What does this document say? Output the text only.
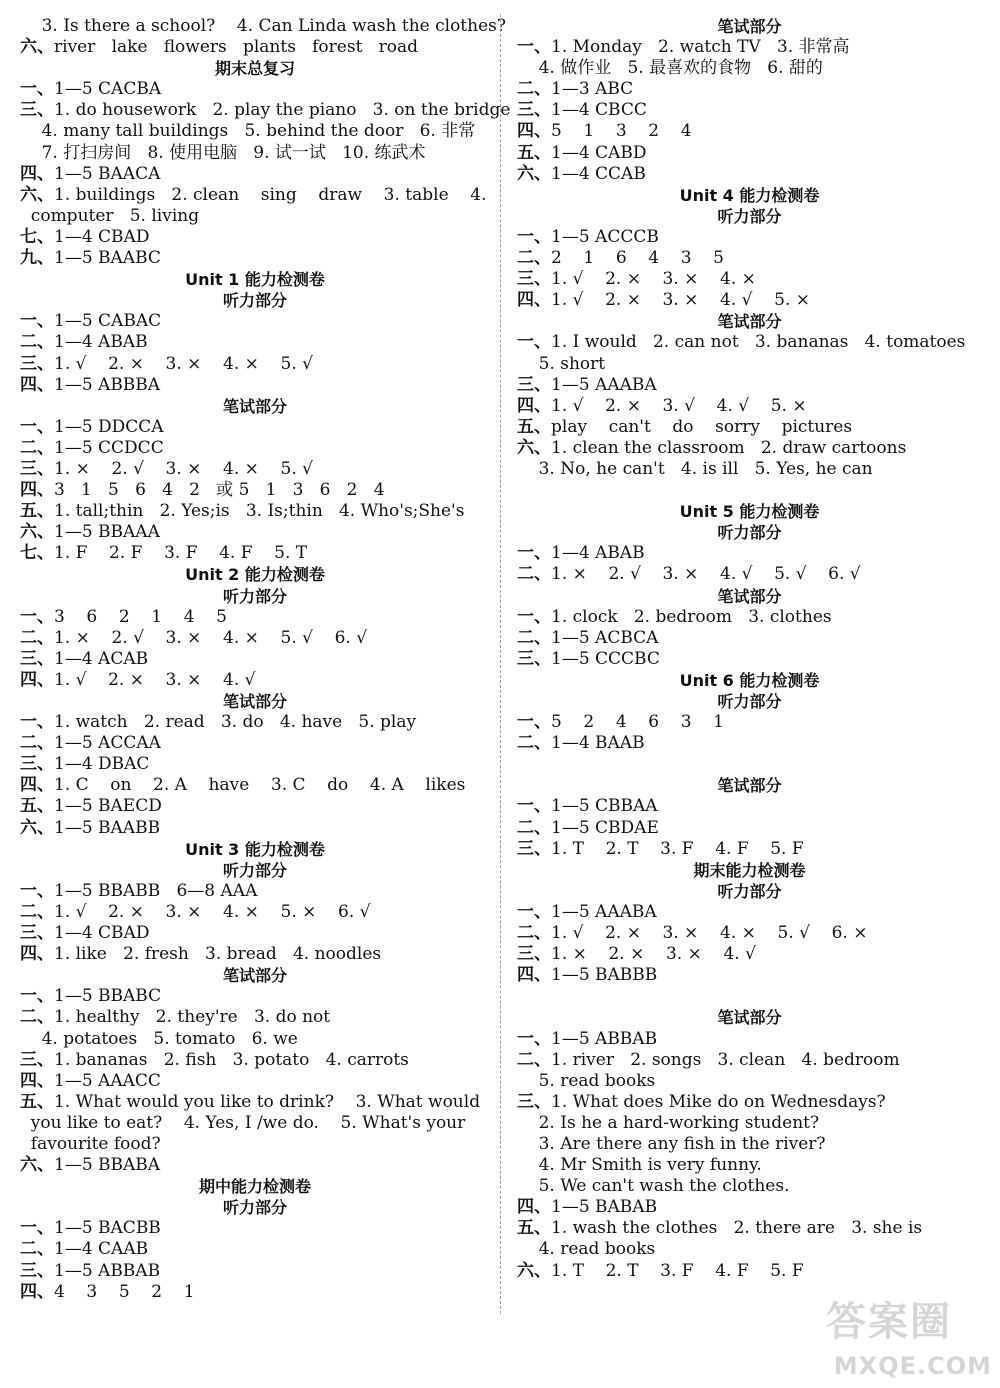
3. Is there a school?    4. Can Linda wash the clothes?
六、river   lake   flowers   plants   forest   road
期末总复习
一、1—5 CACBA
三、1. do housework   2. play the piano   3. on the bridge
4. many tall buildings   5. behind the door   6. 非常
7. 打扫房间   8. 使用电脑   9. 试一试   10. 练武术
四、1—5 BAACA
六、1. buildings   2. clean    sing    draw    3. table    4.
computer   5. living
七、1—4 CBAD
九、1—5 BAABC
Unit 1 能力检测卷
听力部分
一、1—5 CABAC
二、1—4 ABAB
三、1. √    2. ×    3. ×    4. ×    5. √
四、1—5 ABBBA
笔试部分
一、1—5 DDCCA
二、1—5 CCDCC
三、1. ×    2. √    3. ×    4. ×    5. √
四、3   1   5   6   4   2   或 5   1   3   6   2   4
五、1. tall;thin   2. Yes;is   3. Is;thin   4. Who's;She's
六、1—5 BBAAA
七、1. F    2. F    3. F    4. F    5. T
Unit 2 能力检测卷
听力部分
一、3    6    2    1    4    5
二、1. ×    2. √    3. ×    4. ×    5. √    6. √
三、1—4 ACAB
四、1. √    2. ×    3. ×    4. √
笔试部分
一、1. watch   2. read   3. do   4. have   5. play
二、1—5 ACCAA
三、1—4 DBAC
四、1. C    on    2. A    have    3. C    do    4. A    likes
五、1—5 BAECD
六、1—5 BAABB
Unit 3 能力检测卷
听力部分
一、1—5 BBABB   6—8 AAA
二、1. √    2. ×    3. ×    4. ×    5. ×    6. √
三、1—4 CBAD
四、1. like   2. fresh   3. bread   4. noodles
笔试部分
一、1—5 BBABC
二、1. healthy   2. they're   3. do not
4. potatoes   5. tomato   6. we
三、1. bananas   2. fish   3. potato   4. carrots
四、1—5 AAACC
五、1. What would you like to drink?    3. What would
you like to eat?    4. Yes, I /we do.    5. What's your
favourite food?
六、1—5 BBABA
期中能力检测卷
听力部分
一、1—5 BACBB
二、1—4 CAAB
三、1—5 ABBAB
四、4    3    5    2    1
笔试部分
一、1. Monday   2. watch TV   3. 非常高
4. 做作业   5. 最喜欢的食物   6. 甜的
二、1—3 ABC
三、1—4 CBCC
四、5    1    3    2    4
五、1—4 CABD
六、1—4 CCAB
Unit 4 能力检测卷
听力部分
一、1—5 ACCCB
二、2    1    6    4    3    5
三、1. √    2. ×    3. ×    4. ×
四、1. √    2. ×    3. ×    4. √    5. ×
笔试部分
一、1. I would   2. can not   3. bananas   4. tomatoes
5. short
三、1—5 AAABA
四、1. √    2. ×    3. √    4. √    5. ×
五、play    can't    do    sorry    pictures
六、1. clean the classroom   2. draw cartoons
3. No, he can't   4. is ill   5. Yes, he can
Unit 5 能力检测卷
听力部分
一、1—4 ABAB
二、1. ×    2. √    3. ×    4. √    5. √    6. √
笔试部分
一、1. clock   2. bedroom   3. clothes
二、1—5 ACBCA
三、1—5 CCCBC
Unit 6 能力检测卷
听力部分
一、5    2    4    6    3    1
二、1—4 BAAB
笔试部分
一、1—5 CBBAA
二、1—5 CBDAE
三、1. T    2. T    3. F    4. F    5. F
期末能力检测卷
听力部分
一、1—5 AAABA
二、1. √    2. ×    3. ×    4. ×    5. √    6. ×
三、1. ×    2. ×    3. ×    4. √
四、1—5 BABBB
笔试部分
一、1—5 ABBAB
二、1. river   2. songs   3. clean   4. bedroom
5. read books
三、1. What does Mike do on Wednesdays?
2. Is he a hard-working student?
3. Are there any fish in the river?
4. Mr Smith is very funny.
5. We can't wash the clothes.
四、1—5 BABAB
五、1. wash the clothes   2. there are   3. she is
4. read books
六、1. T    2. T    3. F    4. F    5. F
答案圈
MXQE.COM
